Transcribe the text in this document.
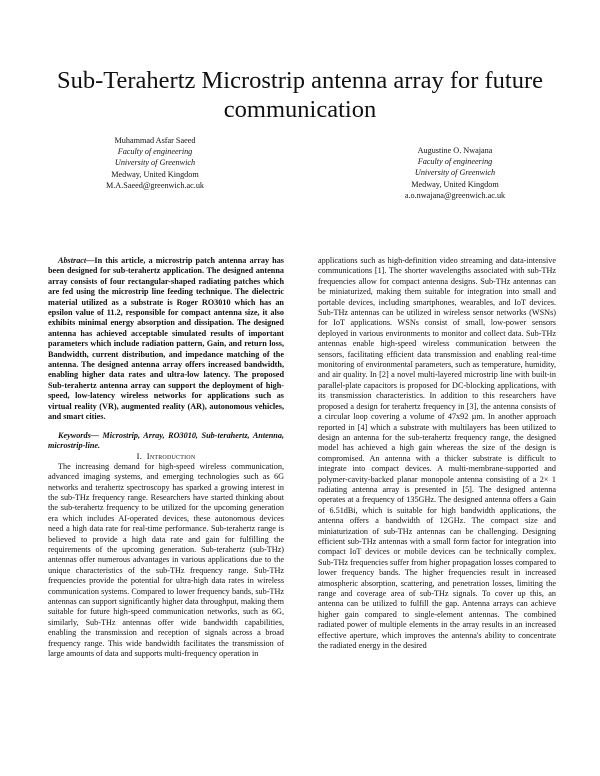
Sub-Terahertz Microstrip antenna array for future communication
Muhammad Asfar Saeed
Faculty of engineering
University of Greenwich
Medway, United Kingdom
M.A.Saeed@greenwich.ac.uk
Augustine O. Nwajana
Faculty of engineering
University of Greenwich
Medway, United Kingdom
a.o.nwajana@greenwich.ac.uk

Abstract—In this article, a microstrip patch antenna array has been designed for sub-terahertz application. The designed antenna array consists of four rectangular-shaped radiating patches which are fed using the microstrip line feeding technique. The dielectric material utilized as a substrate is Roger RO3010 which has an epsilon value of 11.2, responsible for compact antenna size, it also exhibits minimal energy absorption and dissipation. The designed antenna has achieved acceptable simulated results of important parameters which include radiation pattern, Gain, and return loss, Bandwidth, current distribution, and impedance matching of the antenna. The designed antenna array offers increased bandwidth, enabling higher data rates and ultra-low latency. The proposed Sub-terahertz antenna array can support the deployment of high-speed, low-latency wireless networks for applications such as virtual reality (VR), augmented reality (AR), autonomous vehicles, and smart cities.

Keywords— Microstrip, Array, RO3010, Sub-terahertz, Antenna, microstrip-line.

I. Introduction

The increasing demand for high-speed wireless communication, advanced imaging systems, and emerging technologies such as 6G networks and terahertz spectroscopy has sparked a growing interest in the sub-THz frequency range. Researchers have started thinking about the sub-terahertz frequency to be utilized for the upcoming generation era which includes AI-operated devices, these autonomous devices need a high data rate for real-time performance. Sub-terahertz range is believed to provide a high data rate and gain for fulfilling the requirements of the upcoming generation. Sub-terahertz (sub-THz) antennas offer numerous advantages in various applications due to the unique characteristics of the sub-THz frequency range. Sub-THz frequencies provide the potential for ultra-high data rates in wireless communication systems. Compared to lower frequency bands, sub-THz antennas can support significantly higher data throughput, making them suitable for future high-speed communication networks, such as 6G, similarly, Sub-THz antennas offer wide bandwidth capabilities, enabling the transmission and reception of signals across a broad frequency range. This wide bandwidth facilitates the transmission of large amounts of data and supports multi-frequency operation in

applications such as high-definition video streaming and data-intensive communications [1]. The shorter wavelengths associated with sub-THz frequencies allow for compact antenna designs. Sub-THz antennas can be miniaturized, making them suitable for integration into small and portable devices, including smartphones, wearables, and IoT devices. Sub-THz antennas can be utilized in wireless sensor networks (WSNs) for IoT applications. WSNs consist of small, low-power sensors deployed in various environments to monitor and collect data. Sub-THz antennas enable high-speed wireless communication between the sensors, facilitating efficient data transmission and enabling real-time monitoring of environmental parameters, such as temperature, humidity, and air quality. In [2] a novel multi-layered microstrip line with built-in parallel-plate capacitors is proposed for DC-blocking applications, with its transmission characteristics. In addition to this researchers have proposed a design for terahertz frequency in [3], the antenna consists of a circular loop covering a volume of 47x92 µm. In another approach reported in [4] which a substrate with multilayers has been utilized to design an antenna for the sub-terahertz frequency range, the designed model has achieved a high gain whereas the size of the design is compromised. An antenna with a thicker substrate is difficult to integrate into compact devices. A multi-membrane-supported and polymer-cavity-backed planar monopole antenna consisting of a 2× 1 radiating antenna array is presented in [5]. The designed antenna operates at a frequency of 135GHz. The designed antenna offers a Gain of 6.51dBi, which is suitable for high bandwidth applications, the antenna offers a bandwidth of 12GHz. The compact size and miniaturization of sub-THz antennas can be challenging. Designing efficient sub-THz antennas with a small form factor for integration into compact IoT devices or mobile devices can be technically complex. Sub-THz frequencies suffer from higher propagation losses compared to lower frequency bands. The higher frequencies result in increased atmospheric absorption, scattering, and penetration losses, limiting the range and coverage area of sub-THz signals. To cover up this, an antenna can be utilized to fulfill the gap. Antenna arrays can achieve higher gain compared to single-element antennas. The combined radiated power of multiple elements in the array results in an increased effective aperture, which improves the antenna's ability to concentrate the radiated energy in the desired
